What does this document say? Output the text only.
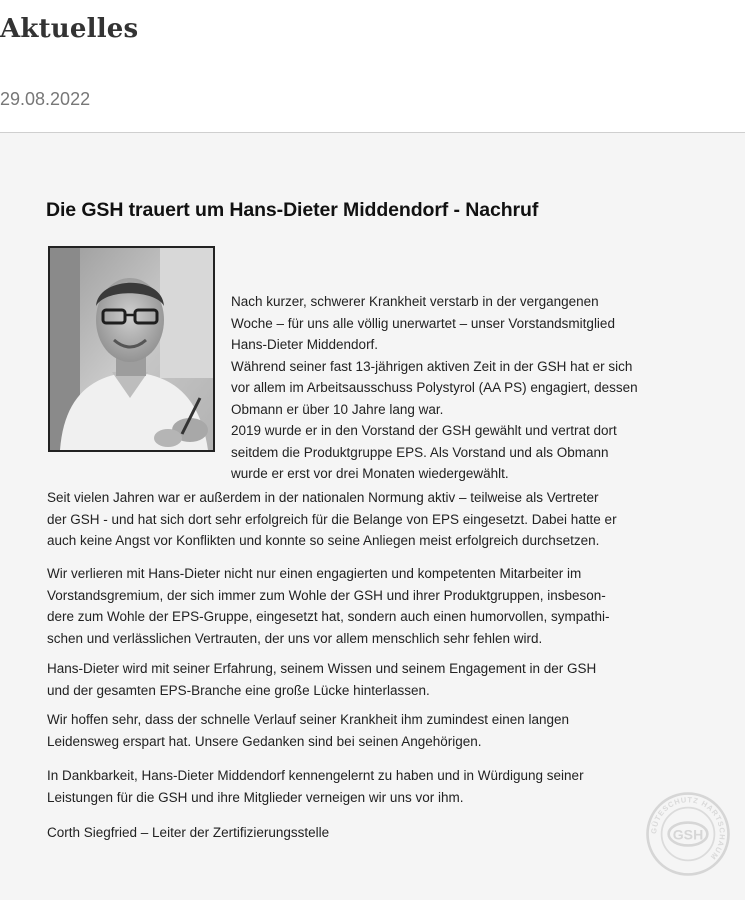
Aktuelles
29.08.2022
Die GSH trauert um Hans-Dieter Middendorf - Nachruf
Nach kurzer, schwerer Krankheit verstarb in der vergangenen
Woche – für uns alle völlig unerwartet – unser Vorstandsmitglied
Hans-Dieter Middendorf.
Während seiner fast 13-jährigen aktiven Zeit in der GSH hat er sich
vor allem im Arbeitsausschuss Polystyrol (AA PS) engagiert, dessen
Obmann er über 10 Jahre lang war.
2019 wurde er in den Vorstand der GSH gewählt und vertrat dort
seitdem die Produktgruppe EPS. Als Vorstand und als Obmann
wurde er erst vor drei Monaten wiedergewählt.
Seit vielen Jahren war er außerdem in der nationalen Normung aktiv – teilweise als Vertreter
der GSH - und hat sich dort sehr erfolgreich für die Belange von EPS eingesetzt. Dabei hatte er
auch keine Angst vor Konflikten und konnte so seine Anliegen meist erfolgreich durchsetzen.
Wir verlieren mit Hans-Dieter nicht nur einen engagierten und kompetenten Mitarbeiter im
Vorstandsgremium, der sich immer zum Wohle der GSH und ihrer Produktgruppen, insbeson-
dere zum Wohle der EPS-Gruppe, eingesetzt hat, sondern auch einen humorvollen, sympathi-
schen und verlässlichen Vertrauten, der uns vor allem menschlich sehr fehlen wird.
Hans-Dieter wird mit seiner Erfahrung, seinem Wissen und seinem Engagement in der GSH
und der gesamten EPS-Branche eine große Lücke hinterlassen.
Wir hoffen sehr, dass der schnelle Verlauf seiner Krankheit ihm zumindest einen langen
Leidensweg erspart hat. Unsere Gedanken sind bei seinen Angehörigen.
In Dankbarkeit, Hans-Dieter Middendorf kennengelernt zu haben und in Würdigung seiner
Leistungen für die GSH und ihre Mitglieder verneigen wir uns vor ihm.
Corth Siegfried – Leiter der Zertifizierungsstelle	GSH
GÜTESCHUTZ HARTSCHAUM
